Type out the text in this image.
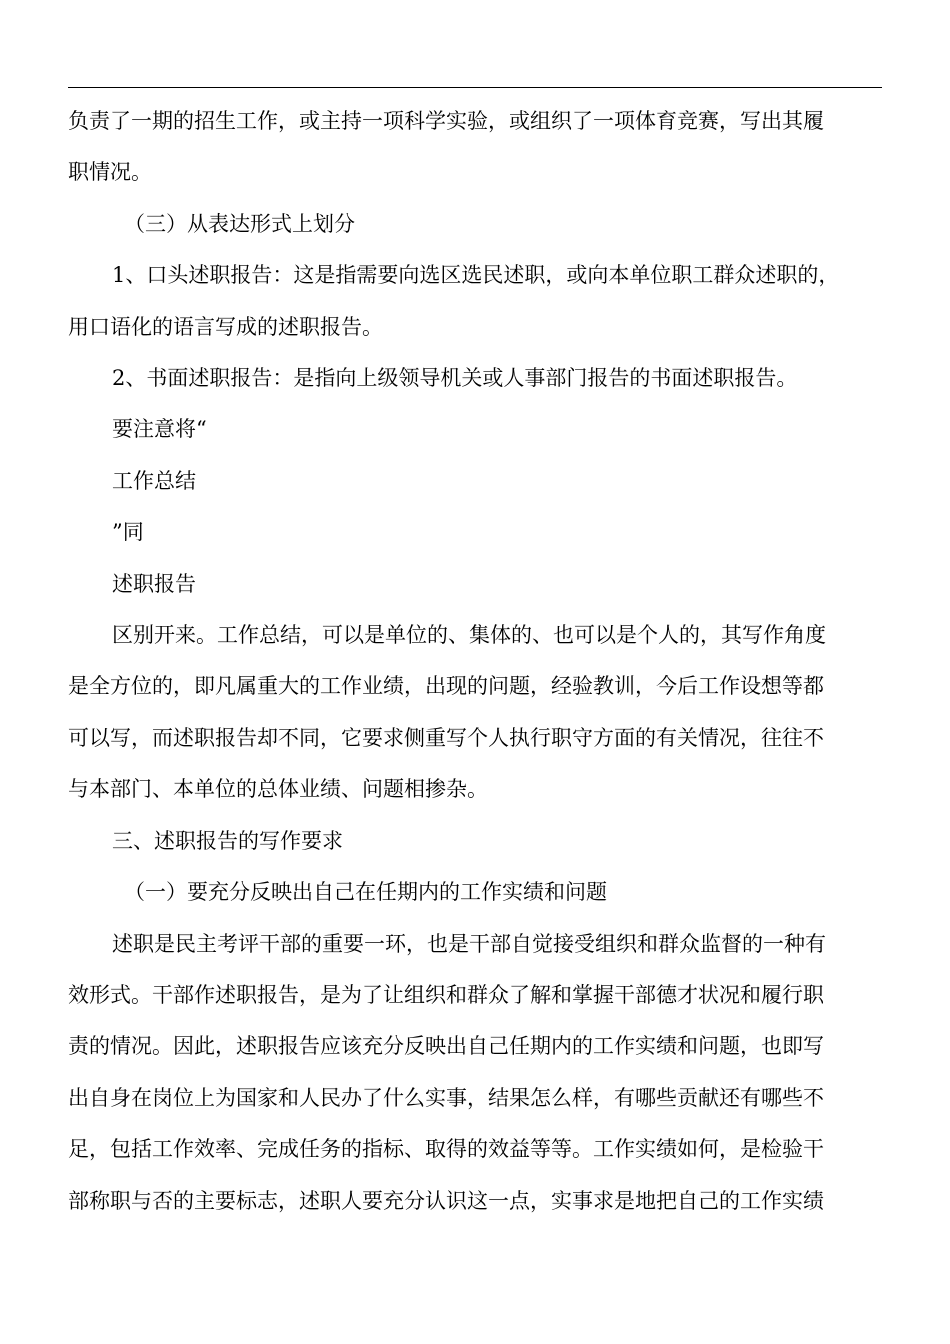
负责了一期的招生工作，或主持一项科学实验，或组织了一项体育竞赛，写出其履
职情况。
（三）从表达形式上划分
1、口头述职报告：这是指需要向选区选民述职，或向本单位职工群众述职的，
用口语化的语言写成的述职报告。
2、书面述职报告：是指向上级领导机关或人事部门报告的书面述职报告。
要注意将“
工作总结
”同
述职报告
区别开来。工作总结，可以是单位的、集体的、也可以是个人的，其写作角度
是全方位的，即凡属重大的工作业绩，出现的问题，经验教训，今后工作设想等都
可以写，而述职报告却不同，它要求侧重写个人执行职守方面的有关情况，往往不
与本部门、本单位的总体业绩、问题相掺杂。
三、述职报告的写作要求
（一）要充分反映出自己在任期内的工作实绩和问题
述职是民主考评干部的重要一环，也是干部自觉接受组织和群众监督的一种有
效形式。干部作述职报告，是为了让组织和群众了解和掌握干部德才状况和履行职
责的情况。因此，述职报告应该充分反映出自己任期内的工作实绩和问题，也即写
出自身在岗位上为国家和人民办了什么实事，结果怎么样，有哪些贡献还有哪些不
足，包括工作效率、完成任务的指标、取得的效益等等。工作实绩如何，是检验干
部称职与否的主要标志，述职人要充分认识这一点，实事求是地把自己的工作实绩
